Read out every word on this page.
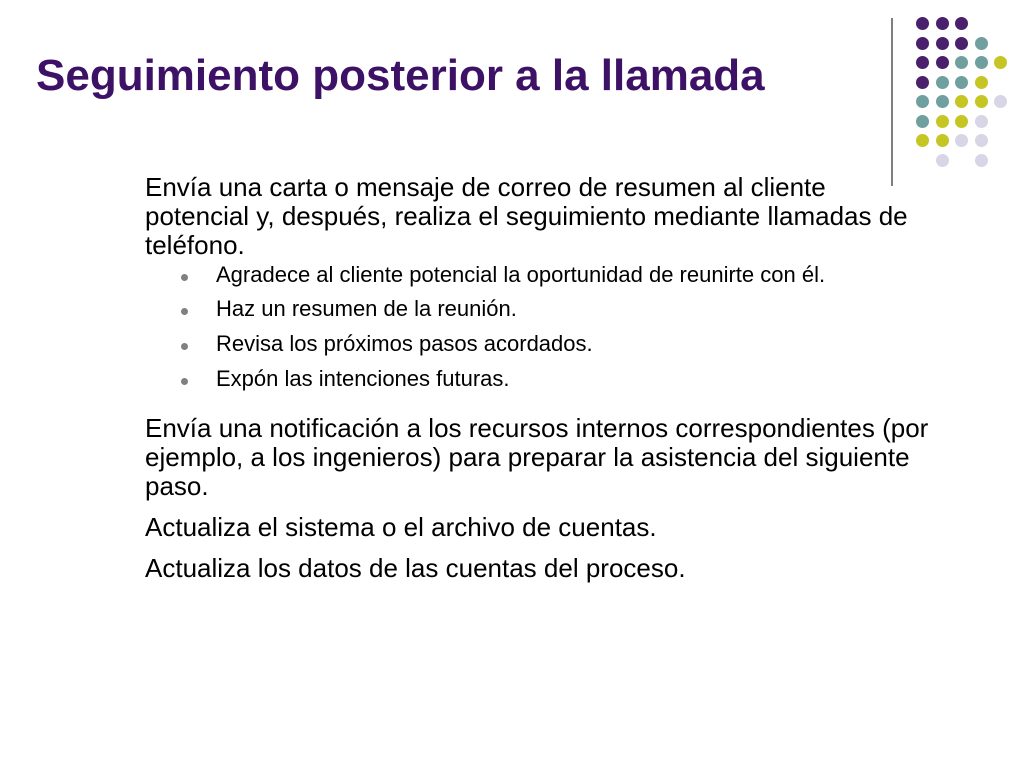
Seguimiento posterior a la llamada

Envía una carta o mensaje de correo de resumen al cliente potencial y, después, realiza el seguimiento mediante llamadas de teléfono.

Agradece al cliente potencial la oportunidad de reunirte con él.
Haz un resumen de la reunión.
Revisa los próximos pasos acordados.
Expón las intenciones futuras.

Envía una notificación a los recursos internos correspondientes (por ejemplo, a los ingenieros) para preparar la asistencia del siguiente paso.

Actualiza el sistema o el archivo de cuentas.

Actualiza los datos de las cuentas del proceso.
